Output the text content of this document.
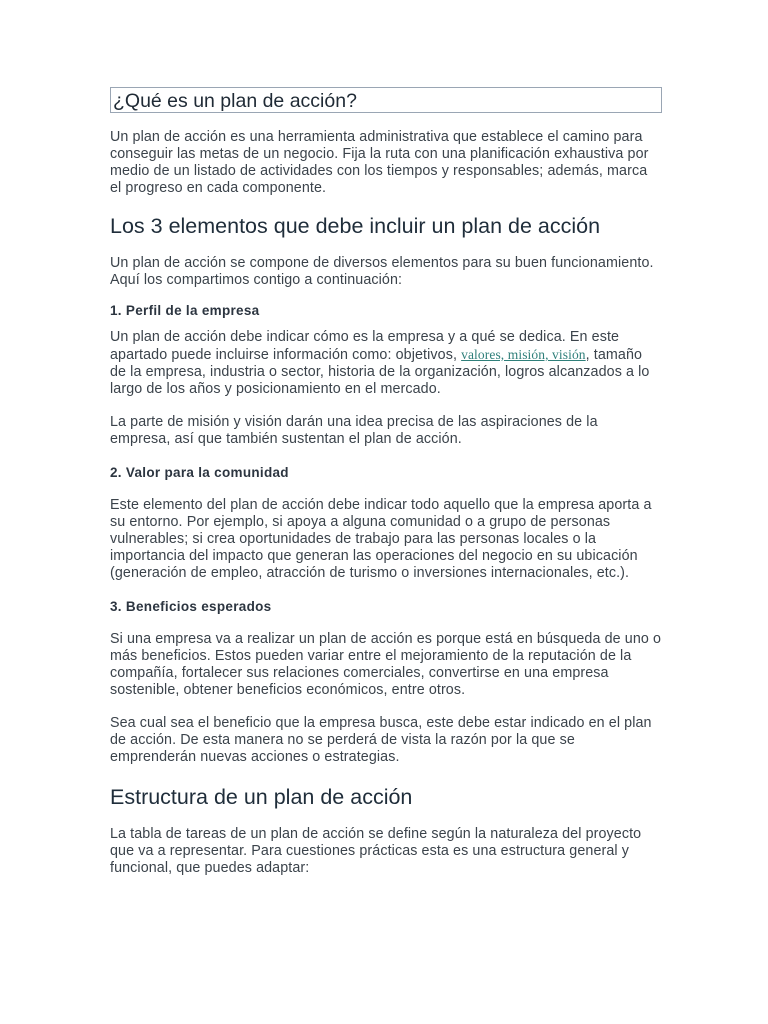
¿Qué es un plan de acción?

Un plan de acción es una herramienta administrativa que establece el camino para conseguir las metas de un negocio. Fija la ruta con una planificación exhaustiva por medio de un listado de actividades con los tiempos y responsables; además, marca el progreso en cada componente.

Los 3 elementos que debe incluir un plan de acción

Un plan de acción se compone de diversos elementos para su buen funcionamiento. Aquí los compartimos contigo a continuación:

1. Perfil de la empresa

Un plan de acción debe indicar cómo es la empresa y a qué se dedica. En este apartado puede incluirse información como: objetivos, valores, misión, visión, tamaño de la empresa, industria o sector, historia de la organización, logros alcanzados a lo largo de los años y posicionamiento en el mercado.

La parte de misión y visión darán una idea precisa de las aspiraciones de la empresa, así que también sustentan el plan de acción.

2. Valor para la comunidad

Este elemento del plan de acción debe indicar todo aquello que la empresa aporta a su entorno. Por ejemplo, si apoya a alguna comunidad o a grupo de personas vulnerables; si crea oportunidades de trabajo para las personas locales o la importancia del impacto que generan las operaciones del negocio en su ubicación (generación de empleo, atracción de turismo o inversiones internacionales, etc.).

3. Beneficios esperados

Si una empresa va a realizar un plan de acción es porque está en búsqueda de uno o más beneficios. Estos pueden variar entre el mejoramiento de la reputación de la compañía, fortalecer sus relaciones comerciales, convertirse en una empresa sostenible, obtener beneficios económicos, entre otros.

Sea cual sea el beneficio que la empresa busca, este debe estar indicado en el plan de acción. De esta manera no se perderá de vista la razón por la que se emprenderán nuevas acciones o estrategias.

Estructura de un plan de acción

La tabla de tareas de un plan de acción se define según la naturaleza del proyecto que va a representar. Para cuestiones prácticas esta es una estructura general y funcional, que puedes adaptar:
